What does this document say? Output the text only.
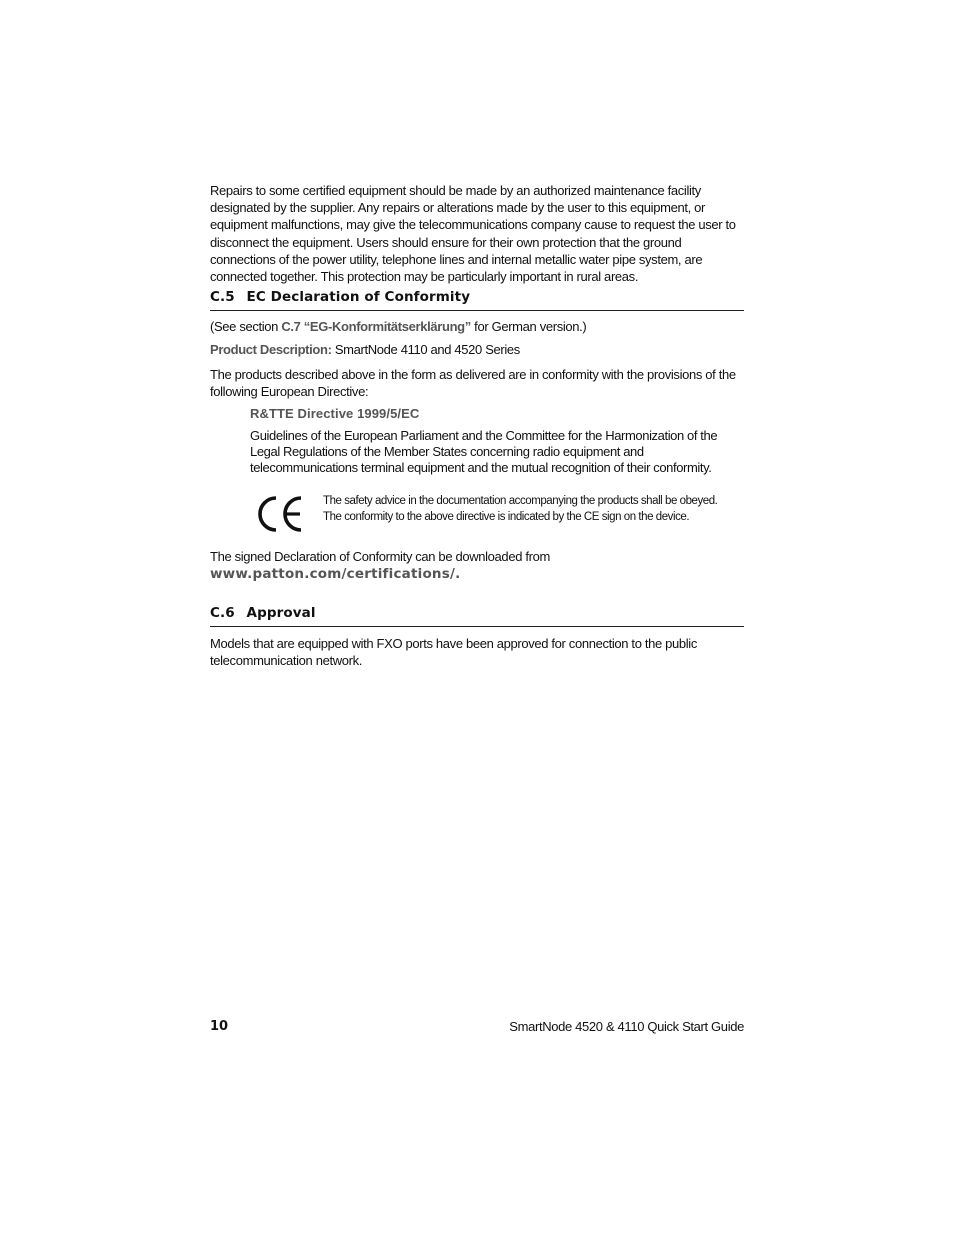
Repairs to some certified equipment should be made by an authorized maintenance facility designated by the supplier. Any repairs or alterations made by the user to this equipment, or equipment malfunctions, may give the telecommunications company cause to request the user to disconnect the equipment. Users should ensure for their own protection that the ground connections of the power utility, telephone lines and internal metallic water pipe system, are connected together. This protection may be particularly important in rural areas.

C.5 EC Declaration of Conformity

(See section C.7 “EG-Konformitätserklärung” for German version.)

Product Description: SmartNode 4110 and 4520 Series

The products described above in the form as delivered are in conformity with the provisions of the following European Directive:

R&TTE Directive 1999/5/EC

Guidelines of the European Parliament and the Committee for the Harmonization of the Legal Regulations of the Member States concerning radio equipment and telecommunications terminal equipment and the mutual recognition of their conformity.

The safety advice in the documentation accompanying the products shall be obeyed.
The conformity to the above directive is indicated by the CE sign on the device.

The signed Declaration of Conformity can be downloaded from

www.patton.com/certifications/.
C.6 Approval

Models that are equipped with FXO ports have been approved for connection to the public telecommunication network.

10	SmartNode 4520 & 4110 Quick Start Guide
